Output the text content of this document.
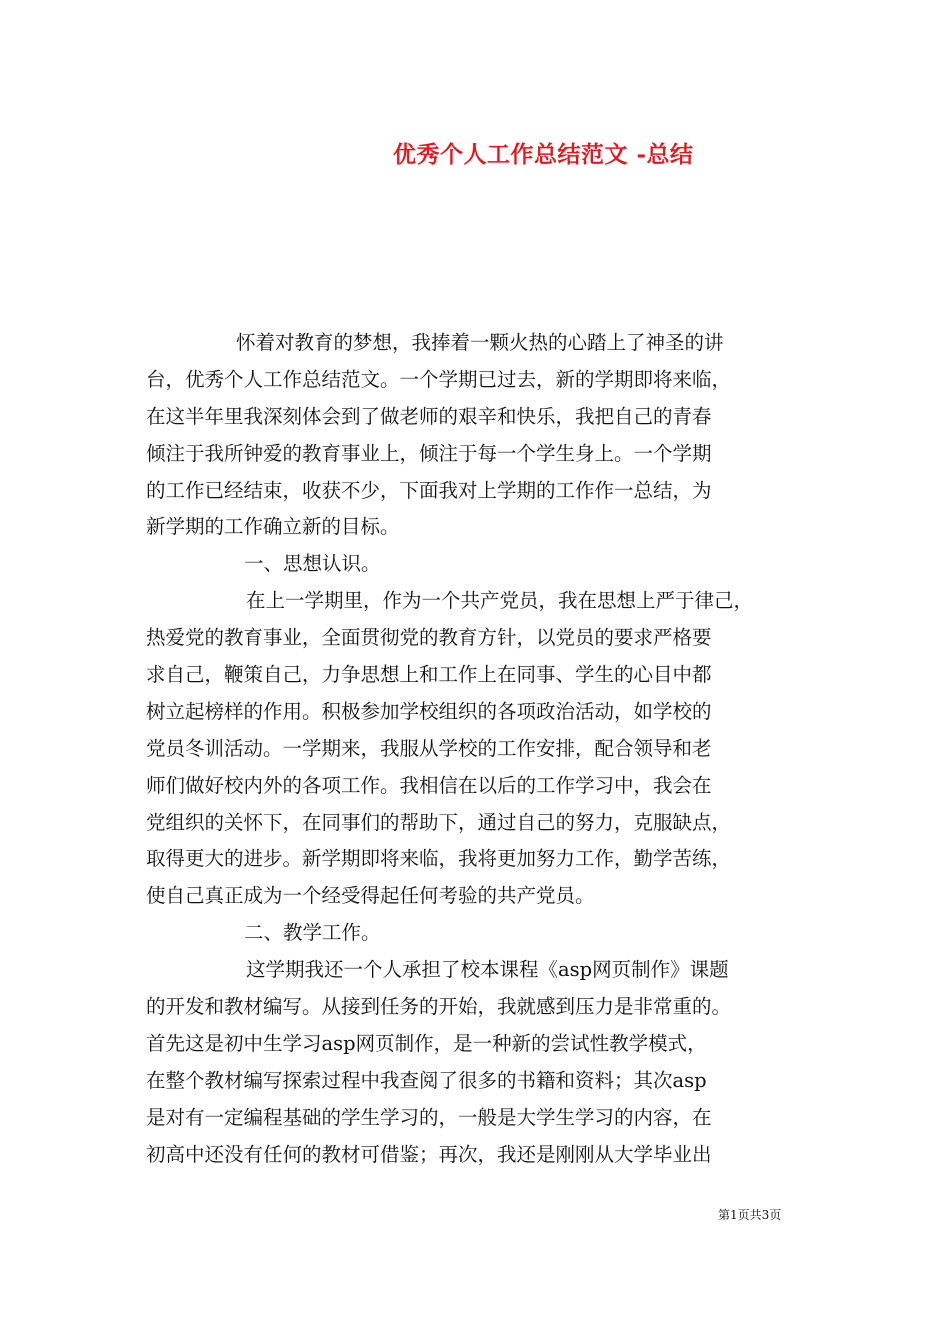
优秀个人工作总结范文 -总结
怀着对教育的梦想，我捧着一颗火热的心踏上了神圣的讲
台，优秀个人工作总结范文。一个学期已过去，新的学期即将来临，
在这半年里我深刻体会到了做老师的艰辛和快乐，我把自己的青春
倾注于我所钟爱的教育事业上，倾注于每一个学生身上。一个学期
的工作已经结束，收获不少，下面我对上学期的工作作一总结，为
新学期的工作确立新的目标。
一、思想认识。
在上一学期里，作为一个共产党员，我在思想上严于律己，
热爱党的教育事业，全面贯彻党的教育方针，以党员的要求严格要
求自己，鞭策自己，力争思想上和工作上在同事、学生的心目中都
树立起榜样的作用。积极参加学校组织的各项政治活动，如学校的
党员冬训活动。一学期来，我服从学校的工作安排，配合领导和老
师们做好校内外的各项工作。我相信在以后的工作学习中，我会在
党组织的关怀下，在同事们的帮助下，通过自己的努力，克服缺点，
取得更大的进步。新学期即将来临，我将更加努力工作，勤学苦练，
使自己真正成为一个经受得起任何考验的共产党员。
二、教学工作。
这学期我还一个人承担了校本课程《asp网页制作》课题
的开发和教材编写。从接到任务的开始，我就感到压力是非常重的。
首先这是初中生学习asp网页制作，是一种新的尝试性教学模式，
在整个教材编写探索过程中我查阅了很多的书籍和资料；其次asp
是对有一定编程基础的学生学习的，一般是大学生学习的内容，在
初高中还没有任何的教材可借鉴；再次，我还是刚刚从大学毕业出
第1页共3页
